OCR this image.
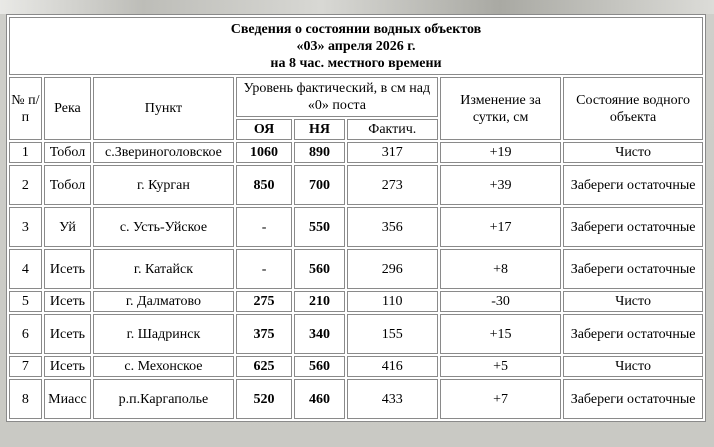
Сведения о состоянии водных объектов
«03» апреля 2026 г.
на 8 час. местного времени							

№ п/п	Река	Пункт	Уровень фактический, в см над «0» поста			Изменение за сутки, см	Состояние водного объекта
			ОЯ	НЯ	Фактич.		
1	Тобол	с.Звериноголовское	1060	890	317	+19	Чисто
2	Тобол	г. Курган	850	700	273	+39	Забереги остаточные
3	Уй	с. Усть-Уйское	-	550	356	+17	Забереги остаточные
4	Исеть	г. Катайск	-	560	296	+8	Забереги остаточные
5	Исеть	г. Далматово	275	210	110	-30	Чисто
6	Исеть	г. Шадринск	375	340	155	+15	Забереги остаточные
7	Исеть	с. Мехонское	625	560	416	+5	Чисто
8	Миасс	р.п.Каргаполье	520	460	433	+7	Забереги остаточные
